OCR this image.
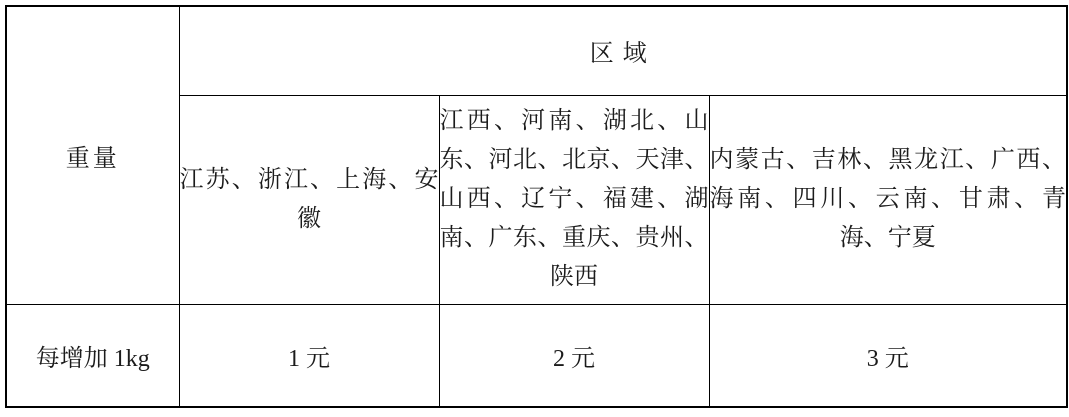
重量	区域		
	江苏、浙江、上海、安徽	江西、河南、湖北、山东、河北、北京、天津、山西、辽宁、福建、湖南、广东、重庆、贵州、陕西	内蒙古、吉林、黑龙江、广西、海南、四川、云南、甘肃、青海、宁夏
每增加 1kg	1 元	2 元	3 元
